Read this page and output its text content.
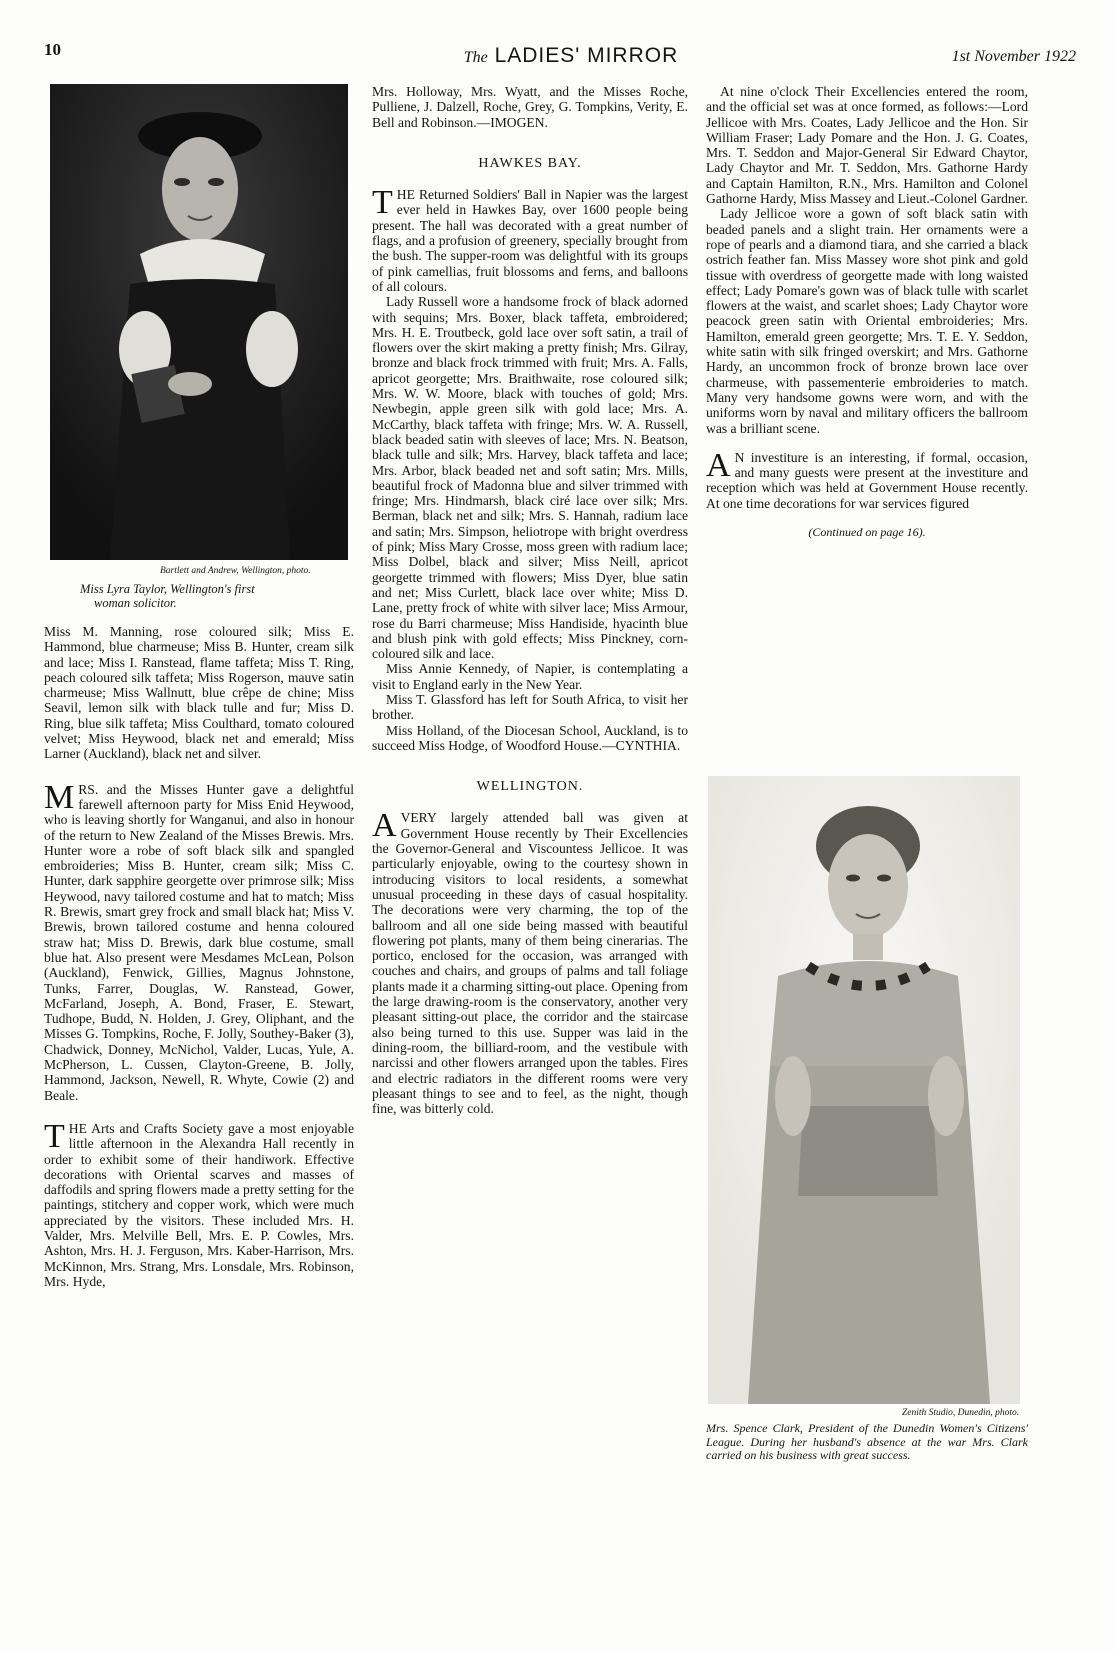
10	The LADIES' MIRROR	1st November 1922
Bartlett and Andrew, Wellington, photo.
Miss Lyra Taylor, Wellington's first
woman solicitor.

Miss M. Manning, rose coloured silk; Miss E. Hammond, blue charmeuse; Miss B. Hunter, cream silk and lace; Miss I. Ranstead, flame taffeta; Miss T. Ring, peach coloured silk taffeta; Miss Rogerson, mauve satin charmeuse; Miss Wallnutt, blue crêpe de chine; Miss Seavil, lemon silk with black tulle and fur; Miss D. Ring, blue silk taffeta; Miss Coulthard, tomato coloured velvet; Miss Heywood, black net and emerald; Miss Larner (Auckland), black net and silver.

MRS. and the Misses Hunter gave a delightful farewell afternoon party for Miss Enid Heywood, who is leaving shortly for Wanganui, and also in honour of the return to New Zealand of the Misses Brewis. Mrs. Hunter wore a robe of soft black silk and spangled embroideries; Miss B. Hunter, cream silk; Miss C. Hunter, dark sapphire georgette over primrose silk; Miss Heywood, navy tailored costume and hat to match; Miss R. Brewis, smart grey frock and small black hat; Miss V. Brewis, brown tailored costume and henna coloured straw hat; Miss D. Brewis, dark blue costume, small blue hat. Also present were Mesdames McLean, Polson (Auckland), Fenwick, Gillies, Magnus Johnstone, Tunks, Farrer, Douglas, W. Ranstead, Gower, McFarland, Joseph, A. Bond, Fraser, E. Stewart, Tudhope, Budd, N. Holden, J. Grey, Oliphant, and the Misses G. Tompkins, Roche, F. Jolly, Southey-Baker (3), Chadwick, Donney, McNichol, Valder, Lucas, Yule, A. McPherson, L. Cussen, Clayton-Greene, B. Jolly, Hammond, Jackson, Newell, R. Whyte, Cowie (2) and Beale.

THE Arts and Crafts Society gave a most enjoyable little afternoon in the Alexandra Hall recently in order to exhibit some of their handiwork. Effective decorations with Oriental scarves and masses of daffodils and spring flowers made a pretty setting for the paintings, stitchery and copper work, which were much appreciated by the visitors. These included Mrs. H. Valder, Mrs. Melville Bell, Mrs. E. P. Cowles, Mrs. Ashton, Mrs. H. J. Ferguson, Mrs. Kaber-Harrison, Mrs. McKinnon, Mrs. Strang, Mrs. Lonsdale, Mrs. Robinson, Mrs. Hyde,

Mrs. Holloway, Mrs. Wyatt, and the Misses Roche, Pulliene, J. Dalzell, Roche, Grey, G. Tompkins, Verity, E. Bell and Robinson.—IMOGEN.

HAWKES BAY.

THE Returned Soldiers' Ball in Napier was the largest ever held in Hawkes Bay, over 1600 people being present. The hall was decorated with a great number of flags, and a profusion of greenery, specially brought from the bush. The supper-room was delightful with its groups of pink camellias, fruit blossoms and ferns, and balloons of all colours.

Lady Russell wore a handsome frock of black adorned with sequins; Mrs. Boxer, black taffeta, embroidered; Mrs. H. E. Troutbeck, gold lace over soft satin, a trail of flowers over the skirt making a pretty finish; Mrs. Gilray, bronze and black frock trimmed with fruit; Mrs. A. Falls, apricot georgette; Mrs. Braithwaite, rose coloured silk; Mrs. W. W. Moore, black with touches of gold; Mrs. Newbegin, apple green silk with gold lace; Mrs. A. McCarthy, black taffeta with fringe; Mrs. W. A. Russell, black beaded satin with sleeves of lace; Mrs. N. Beatson, black tulle and silk; Mrs. Harvey, black taffeta and lace; Mrs. Arbor, black beaded net and soft satin; Mrs. Mills, beautiful frock of Madonna blue and silver trimmed with fringe; Mrs. Hindmarsh, black ciré lace over silk; Mrs. Berman, black net and silk; Mrs. S. Hannah, radium lace and satin; Mrs. Simpson, heliotrope with bright overdress of pink; Miss Mary Crosse, moss green with radium lace; Miss Dolbel, black and silver; Miss Neill, apricot georgette trimmed with flowers; Miss Dyer, blue satin and net; Miss Curlett, black lace over white; Miss D. Lane, pretty frock of white with silver lace; Miss Armour, rose du Barri charmeuse; Miss Handiside, hyacinth blue and blush pink with gold effects; Miss Pinckney, corn-coloured silk and lace.

Miss Annie Kennedy, of Napier, is contemplating a visit to England early in the New Year.

Miss T. Glassford has left for South Africa, to visit her brother.

Miss Holland, of the Diocesan School, Auckland, is to succeed Miss Hodge, of Woodford House.—CYNTHIA.

WELLINGTON.

AVERY largely attended ball was given at Government House recently by Their Excellencies the Governor-General and Viscountess Jellicoe. It was particularly enjoyable, owing to the courtesy shown in introducing visitors to local residents, a somewhat unusual proceeding in these days of casual hospitality. The decorations were very charming, the top of the ballroom and all one side being massed with beautiful flowering pot plants, many of them being cinerarias. The portico, enclosed for the occasion, was arranged with couches and chairs, and groups of palms and tall foliage plants made it a charming sitting-out place. Opening from the large drawing-room is the conservatory, another very pleasant sitting-out place, the corridor and the staircase also being turned to this use. Supper was laid in the dining-room, the billiard-room, and the vestibule with narcissi and other flowers arranged upon the tables. Fires and electric radiators in the different rooms were very pleasant things to see and to feel, as the night, though fine, was bitterly cold.

At nine o'clock Their Excellencies entered the room, and the official set was at once formed, as follows:—Lord Jellicoe with Mrs. Coates, Lady Jellicoe and the Hon. Sir William Fraser; Lady Pomare and the Hon. J. G. Coates, Mrs. T. Seddon and Major-General Sir Edward Chaytor, Lady Chaytor and Mr. T. Seddon, Mrs. Gathorne Hardy and Captain Hamilton, R.N., Mrs. Hamilton and Colonel Gathorne Hardy, Miss Massey and Lieut.-Colonel Gardner.

Lady Jellicoe wore a gown of soft black satin with beaded panels and a slight train. Her ornaments were a rope of pearls and a diamond tiara, and she carried a black ostrich feather fan. Miss Massey wore shot pink and gold tissue with overdress of georgette made with long waisted effect; Lady Pomare's gown was of black tulle with scarlet flowers at the waist, and scarlet shoes; Lady Chaytor wore peacock green satin with Oriental embroideries; Mrs. Hamilton, emerald green georgette; Mrs. T. E. Y. Seddon, white satin with silk fringed overskirt; and Mrs. Gathorne Hardy, an uncommon frock of bronze brown lace over charmeuse, with passementerie embroideries to match. Many very handsome gowns were worn, and with the uniforms worn by naval and military officers the ballroom was a brilliant scene.

A N investiture is an interesting, if formal, occasion, and many guests were present at the investiture and reception which was held at Government House recently. At one time decorations for war services figured

(Continued on page 16).
Zenith Studio, Dunedin, photo.
Mrs. Spence Clark, President of the Dunedin Women's Citizens' League. During her husband's absence at the war Mrs. Clark carried on his business with great success.
